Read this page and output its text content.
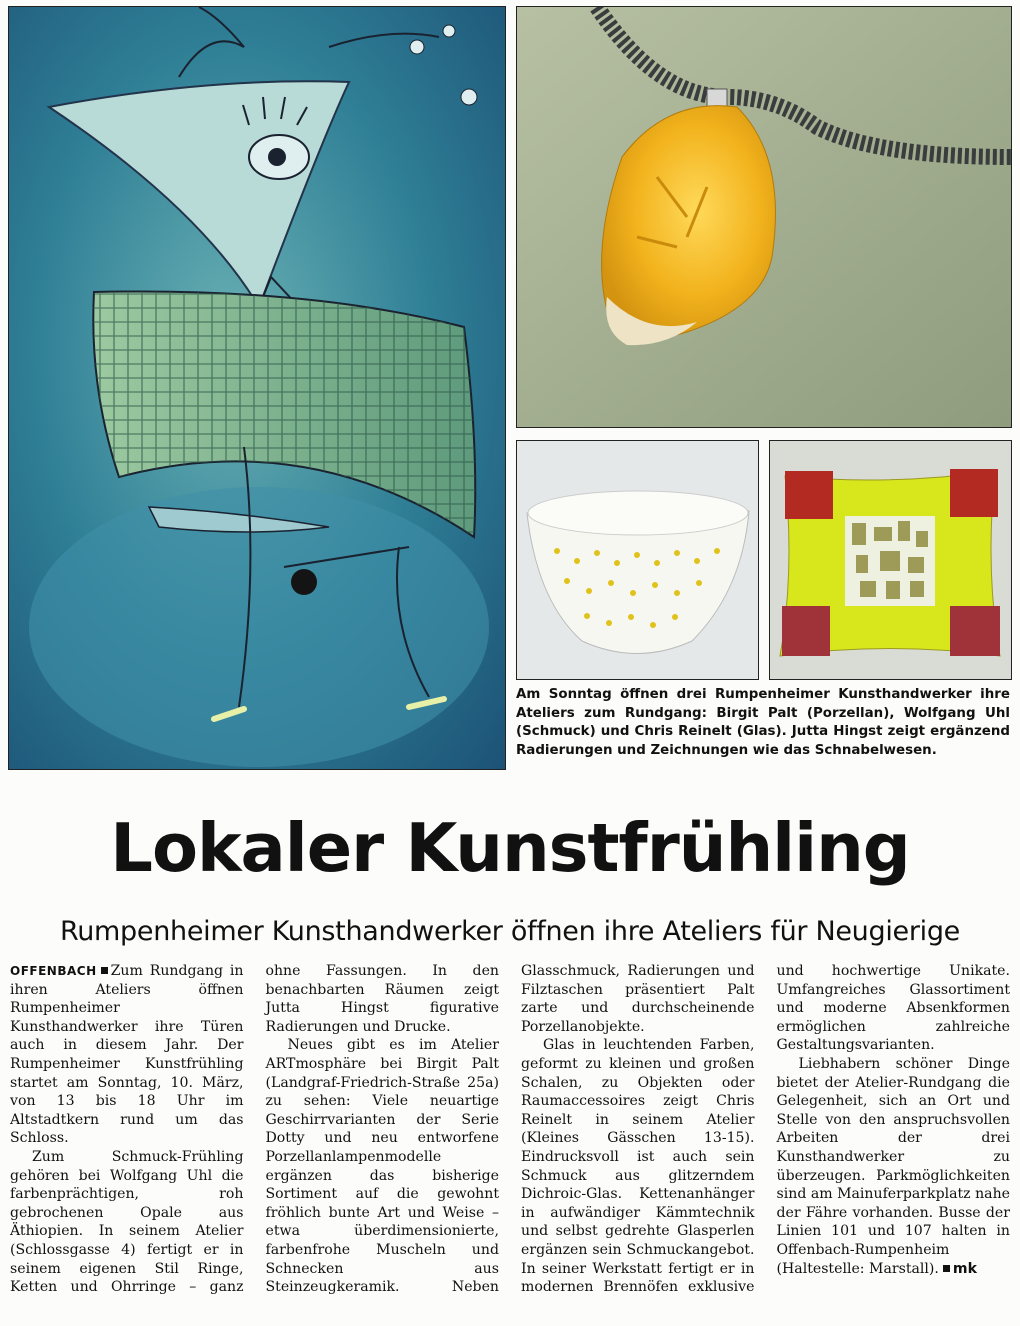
Am Sonntag öffnen drei Rumpenheimer Kunsthandwerker ihre Ateliers zum Rundgang: Birgit Palt (Porzellan), Wolfgang Uhl (Schmuck) und Chris Reinelt (Glas). Jutta Hingst zeigt ergänzend Radierungen und Zeichnungen wie das Schnabelwesen.
Lokaler Kunstfrühling
Rumpenheimer Kunsthandwerker öffnen ihre Ateliers für Neugierige

OFFENBACH Zum Rundgang in ihren Ateliers öffnen Rumpenheimer Kunsthandwerker ihre Türen auch in diesem Jahr. Der Rumpenheimer Kunstfrühling startet am Sonntag, 10. März, von 13 bis 18 Uhr im Altstadtkern rund um das Schloss.

Zum Schmuck-Frühling gehören bei Wolfgang Uhl die farbenprächtigen, roh gebrochenen Opale aus Äthiopien. In seinem Atelier (Schlossgasse 4) fertigt er in seinem eigenen Stil Ringe, Ketten und Ohrringe – ganz ohne Fassungen. In den benachbarten Räumen zeigt Jutta Hingst figurative Radierungen und Drucke.

Neues gibt es im Atelier ARTmosphäre bei Birgit Palt (Landgraf-Friedrich-Straße 25a) zu sehen: Viele neuartige Geschirrvarianten der Serie Dotty und neu entworfene Porzellanlampenmodelle ergänzen das bisherige Sortiment auf die gewohnt fröhlich bunte Art und Weise – etwa überdimensionierte, farbenfrohe Muscheln und Schnecken aus Steinzeugkeramik. Neben Glasschmuck, Radierungen und Filztaschen präsentiert Palt zarte und durchscheinende Porzellanobjekte.

Glas in leuchtenden Farben, geformt zu kleinen und großen Schalen, zu Objekten oder Raumaccessoires zeigt Chris Reinelt in seinem Atelier (Kleines Gässchen 13-15). Eindrucksvoll ist auch sein Schmuck aus glitzerndem Dichroic-Glas. Kettenanhänger in aufwändiger Kämmtechnik und selbst gedrehte Glasperlen ergänzen sein Schmuckangebot. In seiner Werkstatt fertigt er in modernen Brennöfen exklusive und hochwertige Unikate. Umfangreiches Glassortiment und moderne Absenkformen ermöglichen zahlreiche Gestaltungsvarianten.

Liebhabern schöner Dinge bietet der Atelier-Rundgang die Gelegenheit, sich an Ort und Stelle von den anspruchsvollen Arbeiten der drei Kunsthandwerker zu überzeugen. Parkmöglichkeiten sind am Mainuferparkplatz nahe der Fähre vorhanden. Busse der Linien 101 und 107 halten in Offenbach-Rumpenheim (Haltestelle: Marstall). mk
